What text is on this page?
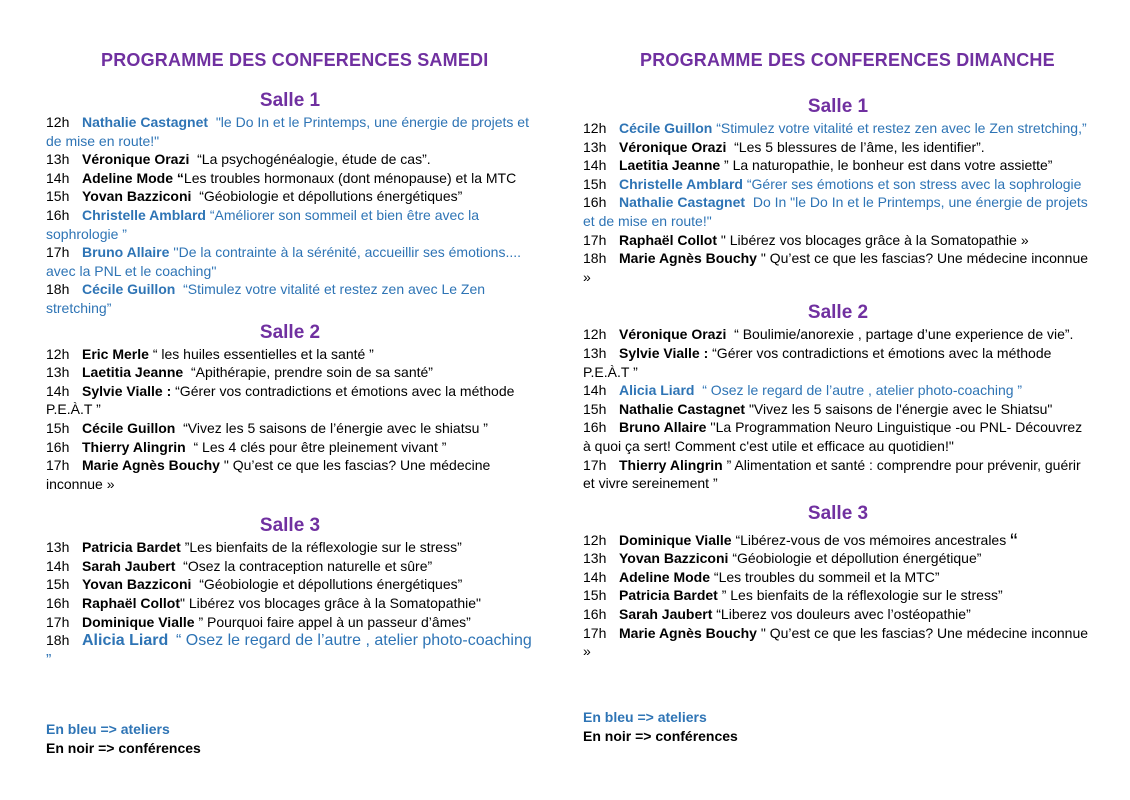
PROGRAMME DES CONFERENCES SAMEDI
Salle 1
12h Nathalie Castagnet "le Do In et le Printemps, une énergie de projets et de mise en route!"
13h Véronique Orazi “La psychogénéalogie, étude de cas”.
14h Adeline Mode “Les troubles hormonaux (dont ménopause) et la MTC
15h Yovan Bazziconi “Géobiologie et dépollutions énergétiques”
16h Christelle Amblard “Améliorer son sommeil et bien être avec la sophrologie ”
17h Bruno Allaire ''De la contrainte à la sérénité, accueillir ses émotions.... avec la PNL et le coaching''
18h Cécile Guillon “Stimulez votre vitalité et restez zen avec Le Zen stretching”
Salle 2
12h Eric Merle “ les huiles essentielles et la santé ”
13h Laetitia Jeanne “Apithérapie, prendre soin de sa santé”
14h Sylvie Vialle : “Gérer vos contradictions et émotions avec la méthode P.E.À.T ”
15h Cécile Guillon “Vivez les 5 saisons de l’énergie avec le shiatsu ”
16h Thierry Alingrin “ Les 4 clés pour être pleinement vivant ”
17h Marie Agnès Bouchy " Qu’est ce que les fascias? Une médecine inconnue »
Salle 3
13h Patricia Bardet ”Les bienfaits de la réflexologie sur le stress”
14h Sarah Jaubert “Osez la contraception naturelle et sûre”
15h Yovan Bazziconi “Géobiologie et dépollutions énergétiques”
16h Raphaël Collot" Libérez vos blocages grâce à la Somatopathie"
17h Dominique Vialle ” Pourquoi faire appel à un passeur d’âmes”
18h Alicia Liard “ Osez le regard de l’autre , atelier photo-coaching ”
En bleu => ateliers
En noir => conférences
PROGRAMME DES CONFERENCES DIMANCHE
Salle 1
12h Cécile Guillon “Stimulez votre vitalité et restez zen avec le Zen stretching,”
13h Véronique Orazi “Les 5 blessures de l’âme, les identifier”.
14h Laetitia Jeanne ” La naturopathie, le bonheur est dans votre assiette”
15h Christelle Amblard “Gérer ses émotions et son stress avec la sophrologie
16h Nathalie Castagnet Do In "le Do In et le Printemps, une énergie de projets et de mise en route!"
17h Raphaël Collot " Libérez vos blocages grâce à la Somatopathie »
18h Marie Agnès Bouchy " Qu’est ce que les fascias? Une médecine inconnue »
Salle 2
12h Véronique Orazi “ Boulimie/anorexie , partage d’une experience de vie”.
13h Sylvie Vialle : “Gérer vos contradictions et émotions avec la méthode P.E.À.T ”
14h Alicia Liard “ Osez le regard de l’autre , atelier photo-coaching ”
15h Nathalie Castagnet "Vivez les 5 saisons de l'énergie avec le Shiatsu"
16h Bruno Allaire ''La Programmation Neuro Linguistique -ou PNL- Découvrez à quoi ça sert! Comment c'est utile et efficace au quotidien!"
17h Thierry Alingrin ” Alimentation et santé : comprendre pour prévenir, guérir et vivre sereinement ”
Salle 3
12h Dominique Vialle “Libérez-vous de vos mémoires ancestrales “
13h Yovan Bazziconi “Géobiologie et dépollution énergétique”
14h Adeline Mode “Les troubles du sommeil et la MTC”
15h Patricia Bardet ” Les bienfaits de la réflexologie sur le stress”
16h Sarah Jaubert “Liberez vos douleurs avec l’ostéopathie”
17h Marie Agnès Bouchy " Qu’est ce que les fascias? Une médecine inconnue »
En bleu => ateliers
En noir => conférences
